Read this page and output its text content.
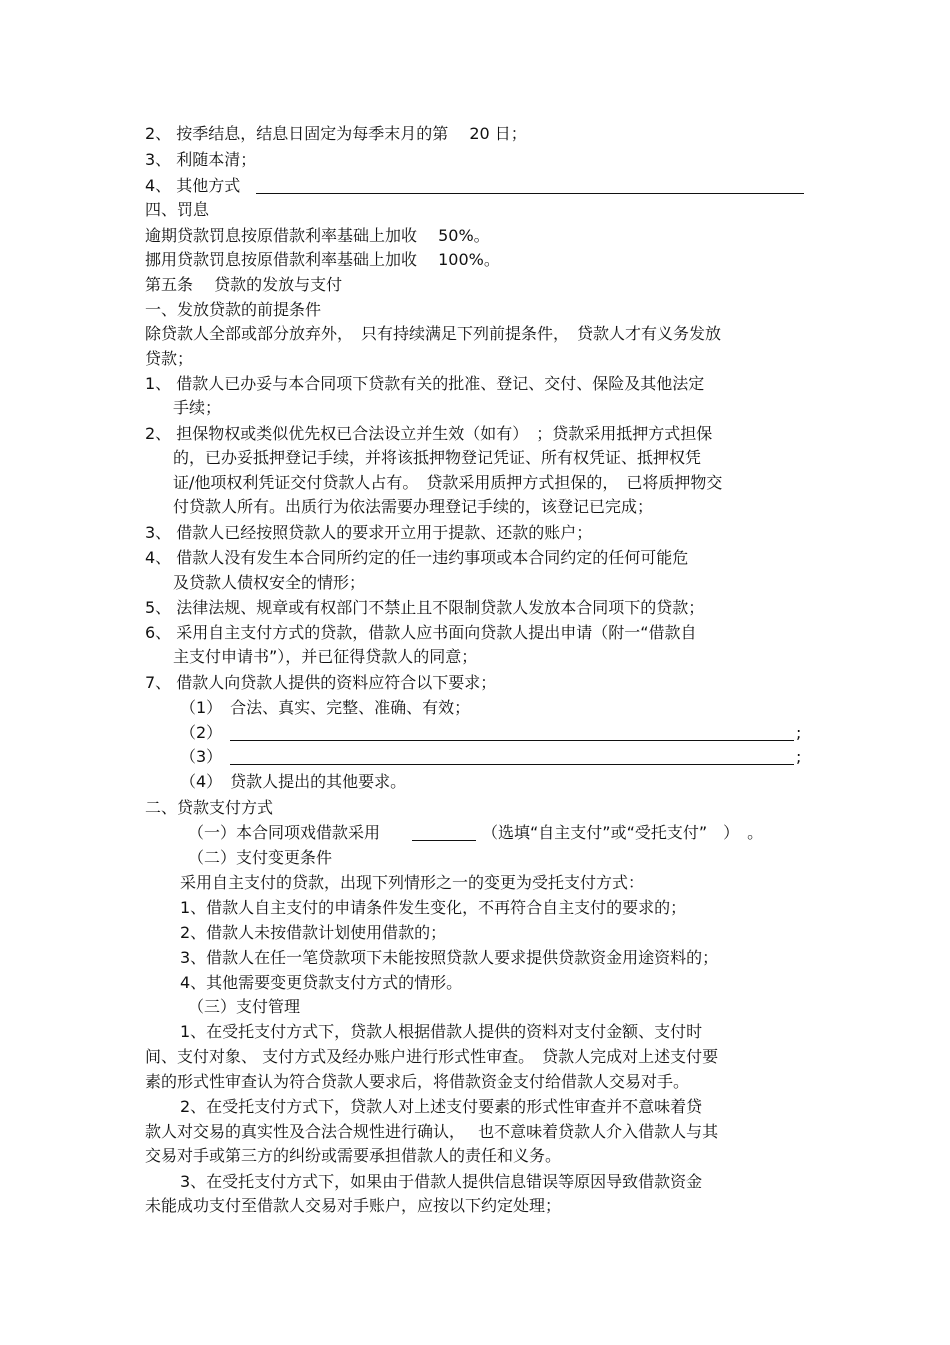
2、 按季结息，结息日固定为每季末月的第　 20 日；
3、 利随本清；
4、 其他方式
四、罚息
逾期贷款罚息按原借款利率基础上加收　 50%。
挪用贷款罚息按原借款利率基础上加收　 100%。
第五条　 贷款的发放与支付
一、发放贷款的前提条件
除贷款人全部或部分放弃外，　只有持续满足下列前提条件，　贷款人才有义务发放
贷款；
1、 借款人已办妥与本合同项下贷款有关的批准、登记、交付、保险及其他法定
手续；
2、 担保物权或类似优先权已合法设立并生效（如有）　；贷款采用抵押方式担保
的，已办妥抵押登记手续，并将该抵押物登记凭证、所有权凭证、抵押权凭
证/他项权利凭证交付贷款人占有。　贷款采用质押方式担保的，　已将质押物交
付贷款人所有。出质行为依法需要办理登记手续的，该登记已完成；
3、 借款人已经按照贷款人的要求开立用于提款、还款的账户；
4、 借款人没有发生本合同所约定的任一违约事项或本合同约定的任何可能危
及贷款人债权安全的情形；
5、 法律法规、规章或有权部门不禁止且不限制贷款人发放本合同项下的贷款；
6、 采用自主支付方式的贷款，借款人应书面向贷款人提出申请（附一“借款自
主支付申请书”），并已征得贷款人的同意；
7、 借款人向贷款人提供的资料应符合以下要求；
（1）　合法、真实、完整、准确、有效；
（2）	;
（3）	;
（4）　贷款人提出的其他要求。
二、贷款支付方式
（一）本合同项戏借款采用	（选填“自主支付”或“受托支付”　）　。
（二）支付变更条件
采用自主支付的贷款，出现下列情形之一的变更为受托支付方式：
1、借款人自主支付的申请条件发生变化，不再符合自主支付的要求的；
2、借款人未按借款计划使用借款的；
3、借款人在任一笔贷款项下未能按照贷款人要求提供贷款资金用途资料的；
4、其他需要变更贷款支付方式的情形。
（三）支付管理
1、在受托支付方式下，贷款人根据借款人提供的资料对支付金额、支付时
间、支付对象、 支付方式及经办账户进行形式性审查。　贷款人完成对上述支付要
素的形式性审查认为符合贷款人要求后，将借款资金支付给借款人交易对手。
2、在受托支付方式下，贷款人对上述支付要素的形式性审查并不意味着贷
款人对交易的真实性及合法合规性进行确认，　 也不意味着贷款人介入借款人与其
交易对手或第三方的纠纷或需要承担借款人的责任和义务。
3、在受托支付方式下，如果由于借款人提供信息错误等原因导致借款资金
未能成功支付至借款人交易对手账户，应按以下约定处理；
